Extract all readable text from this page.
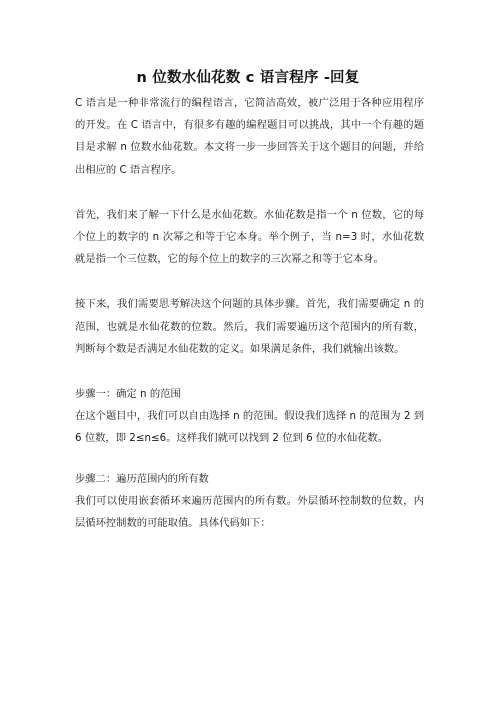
n 位数水仙花数 c 语言程序 -回复

C 语言是一种非常流行的编程语言，它简洁高效，被广泛用于各种应用程序的开发。在 C 语言中，有很多有趣的编程题目可以挑战，其中一个有趣的题目是求解 n 位数水仙花数。本文将一步一步回答关于这个题目的问题，并给出相应的 C 语言程序。

首先，我们来了解一下什么是水仙花数。水仙花数是指一个 n 位数，它的每个位上的数字的 n 次幂之和等于它本身。举个例子，当 n=3 时，水仙花数就是指一个三位数，它的每个位上的数字的三次幂之和等于它本身。

接下来，我们需要思考解决这个问题的具体步骤。首先，我们需要确定 n 的范围，也就是水仙花数的位数。然后，我们需要遍历这个范围内的所有数，判断每个数是否满足水仙花数的定义。如果满足条件，我们就输出该数。

步骤一：确定 n 的范围

在这个题目中，我们可以自由选择 n 的范围。假设我们选择 n 的范围为 2 到 6 位数，即 2≤n≤6。这样我们就可以找到 2 位到 6 位的水仙花数。

步骤二：遍历范围内的所有数

我们可以使用嵌套循环来遍历范围内的所有数。外层循环控制数的位数，内层循环控制数的可能取值。具体代码如下：
